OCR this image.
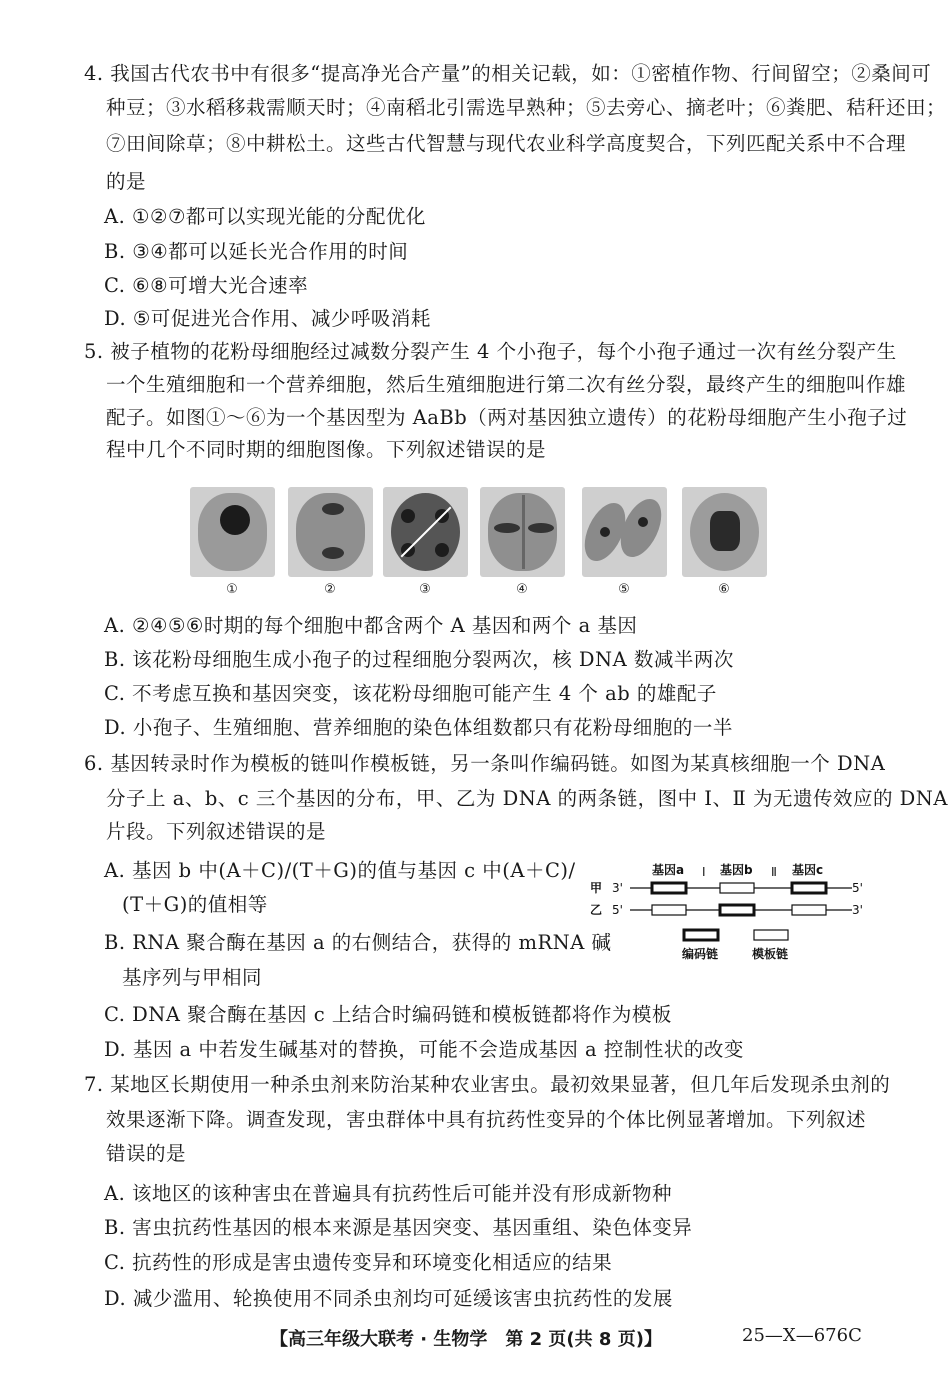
4. 我国古代农书中有很多“提高净光合产量”的相关记载，如：①密植作物、行间留空；②桑间可
种豆；③水稻移栽需顺天时；④南稻北引需选早熟种；⑤去旁心、摘老叶；⑥粪肥、秸秆还田；
⑦田间除草；⑧中耕松土。这些古代智慧与现代农业科学高度契合，下列匹配关系中不合理
的是
A. ①②⑦都可以实现光能的分配优化
B. ③④都可以延长光合作用的时间
C. ⑥⑧可增大光合速率
D. ⑤可促进光合作用、减少呼吸消耗
5. 被子植物的花粉母细胞经过减数分裂产生 4 个小孢子，每个小孢子通过一次有丝分裂产生
一个生殖细胞和一个营养细胞，然后生殖细胞进行第二次有丝分裂，最终产生的细胞叫作雄
配子。如图①～⑥为一个基因型为 AaBb（两对基因独立遗传）的花粉母细胞产生小孢子过
程中几个不同时期的细胞图像。下列叙述错误的是
①	②	③	④	⑤	⑥
A. ②④⑤⑥时期的每个细胞中都含两个 A 基因和两个 a 基因
B. 该花粉母细胞生成小孢子的过程细胞分裂两次，核 DNA 数减半两次
C. 不考虑互换和基因突变，该花粉母细胞可能产生 4 个 ab 的雄配子
D. 小孢子、生殖细胞、营养细胞的染色体组数都只有花粉母细胞的一半
6. 基因转录时作为模板的链叫作模板链，另一条叫作编码链。如图为某真核细胞一个 DNA
分子上 a、b、c 三个基因的分布，甲、乙为 DNA 的两条链，图中 Ⅰ、Ⅱ 为无遗传效应的 DNA
片段。下列叙述错误的是
A. 基因 b 中(A＋C)/(T＋G)的值与基因 c 中(A＋C)/
(T＋G)的值相等
B. RNA 聚合酶在基因 a 的右侧结合，获得的 mRNA 碱
基序列与甲相同
C. DNA 聚合酶在基因 c 上结合时编码链和模板链都将作为模板
D. 基因 a 中若发生碱基对的替换，可能不会造成基因 a 控制性状的改变
基因a Ⅰ 基因b Ⅱ 基因c
甲 3'	5'
乙 5'	3'
编码链	模板链
7. 某地区长期使用一种杀虫剂来防治某种农业害虫。最初效果显著，但几年后发现杀虫剂的
效果逐渐下降。调查发现，害虫群体中具有抗药性变异的个体比例显著增加。下列叙述
错误的是
A. 该地区的该种害虫在普遍具有抗药性后可能并没有形成新物种
B. 害虫抗药性基因的根本来源是基因突变、基因重组、染色体变异
C. 抗药性的形成是害虫遗传变异和环境变化相适应的结果
D. 减少滥用、轮换使用不同杀虫剂均可延缓该害虫抗药性的发展
【高三年级大联考 · 生物学　第 2 页(共 8 页)】	25—X—676C
